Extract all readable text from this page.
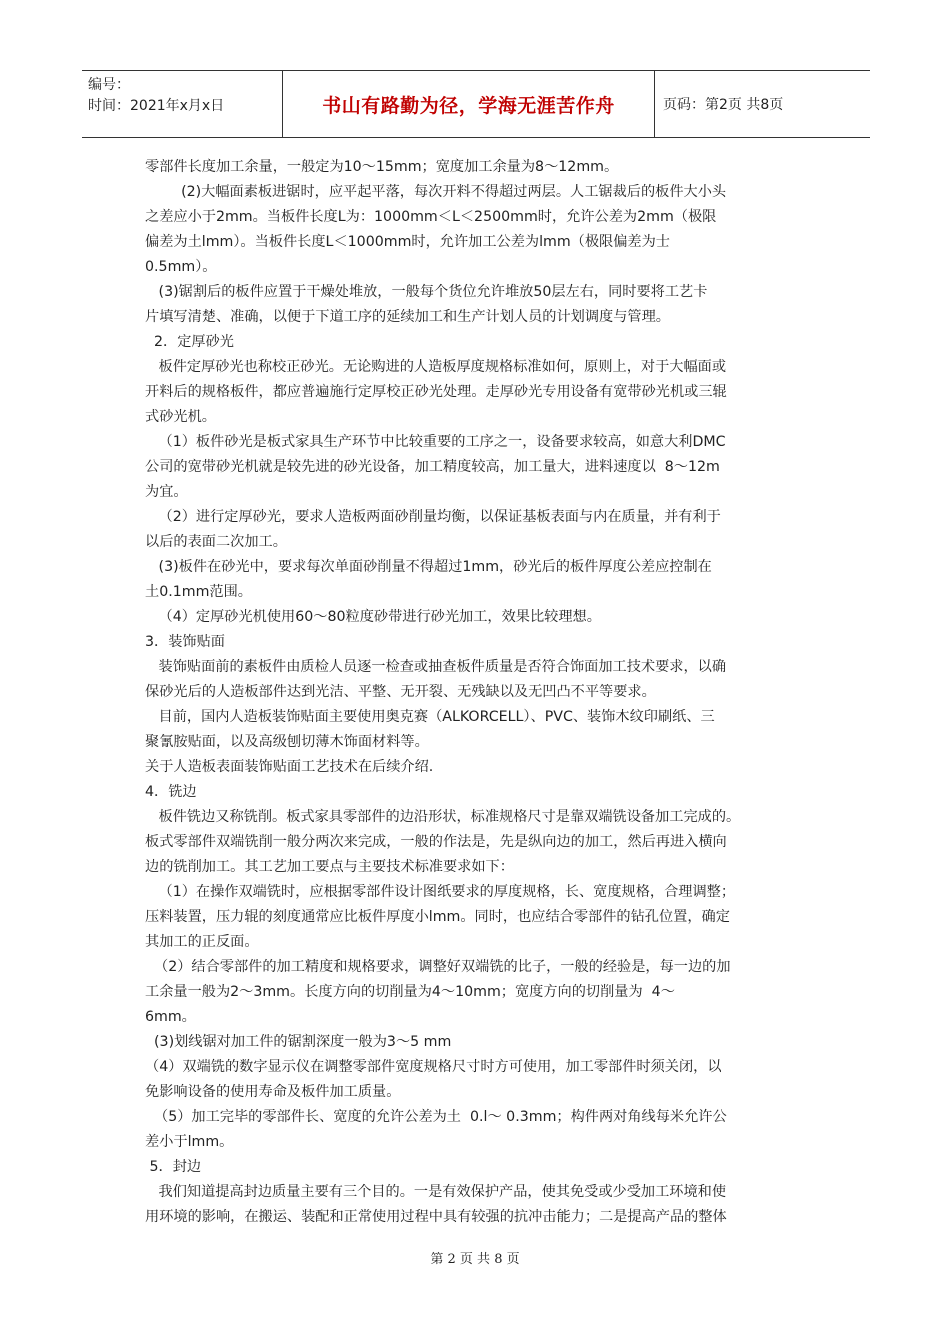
编号：
时间：2021年x月x日	书山有路勤为径，学海无涯苦作舟	页码：第2页 共8页
零部件长度加工余量，一般定为10～15mm；宽度加工余量为8～12mm。
(2)大幅面素板进锯时，应平起平落，每次开料不得超过两层。人工锯裁后的板件大小头
之差应小于2mm。当板件长度L为：1000mm＜L＜2500mm时，允许公差为2mm（极限
偏差为土lmm）。当板件长度L＜1000mm时，允许加工公差为lmm（极限偏差为士
0.5mm）。
(3)锯割后的板件应置于干燥处堆放，一般每个货位允许堆放50层左右，同时要将工艺卡
片填写清楚、准确，以便于下道工序的延续加工和生产计划人员的计划调度与管理。
2．定厚砂光
板件定厚砂光也称校正砂光。无论购进的人造板厚度规格标准如何，原则上，对于大幅面或
开料后的规格板件，都应普遍施行定厚校正砂光处理。走厚砂光专用设备有宽带砂光机或三辊
式砂光机。
（1）板件砂光是板式家具生产环节中比较重要的工序之一，设备要求较高，如意大利DMC
公司的宽带砂光机就是较先进的砂光设备，加工精度较高，加工量大，进料速度以  8～12m
为宜。
（2）进行定厚砂光，要求人造板两面砂削量均衡，以保证基板表面与内在质量，并有利于
以后的表面二次加工。
(3)板件在砂光中，要求每次单面砂削量不得超过1mm，砂光后的板件厚度公差应控制在
土0.1mm范围。
（4）定厚砂光机使用60～80粒度砂带进行砂光加工，效果比较理想。
3．装饰贴面
装饰贴面前的素板件由质检人员逐一检查或抽查板件质量是否符合饰面加工技术要求，以确
保砂光后的人造板部件达到光洁、平整、无开裂、无残缺以及无凹凸不平等要求。
目前，国内人造板装饰贴面主要使用奥克赛（ALKORCELL）、PVC、装饰木纹印刷纸、三
聚氰胺贴面，以及高级刨切薄木饰面材料等。
关于人造板表面装饰贴面工艺技术在后续介绍.
4．铣边
板件铣边又称铣削。板式家具零部件的边沿形状，标准规格尺寸是靠双端铣设备加工完成的。
板式零部件双端铣削一般分两次来完成，一般的作法是，先是纵向边的加工，然后再进入横向
边的铣削加工。其工艺加工要点与主要技术标准要求如下：
（1）在操作双端铣时，应根据零部件设计图纸要求的厚度规格，长、宽度规格，合理调整；
压料装置，压力辊的刻度通常应比板件厚度小lmm。同时，也应结合零部件的钻孔位置，确定
其加工的正反面。
（2）结合零部件的加工精度和规格要求，调整好双端铣的比子，一般的经验是，每一边的加
工余量一般为2～3mm。长度方向的切削量为4～10mm；宽度方向的切削量为  4～
6mm。
(3)划线锯对加工件的锯割深度一般为3～5 mm
（4）双端铣的数字显示仪在调整零部件宽度规格尺寸时方可使用，加工零部件时须关闭，以
免影响设备的使用寿命及板件加工质量。
（5）加工完毕的零部件长、宽度的允许公差为土  0.l～ 0.3mm；构件两对角线每米允许公
差小于lmm。
5．封边
我们知道提高封边质量主要有三个目的。一是有效保护产品，使其免受或少受加工环境和使
用环境的影响，在搬运、装配和正常使用过程中具有较强的抗冲击能力；二是提高产品的整体
第 2 页 共 8 页
